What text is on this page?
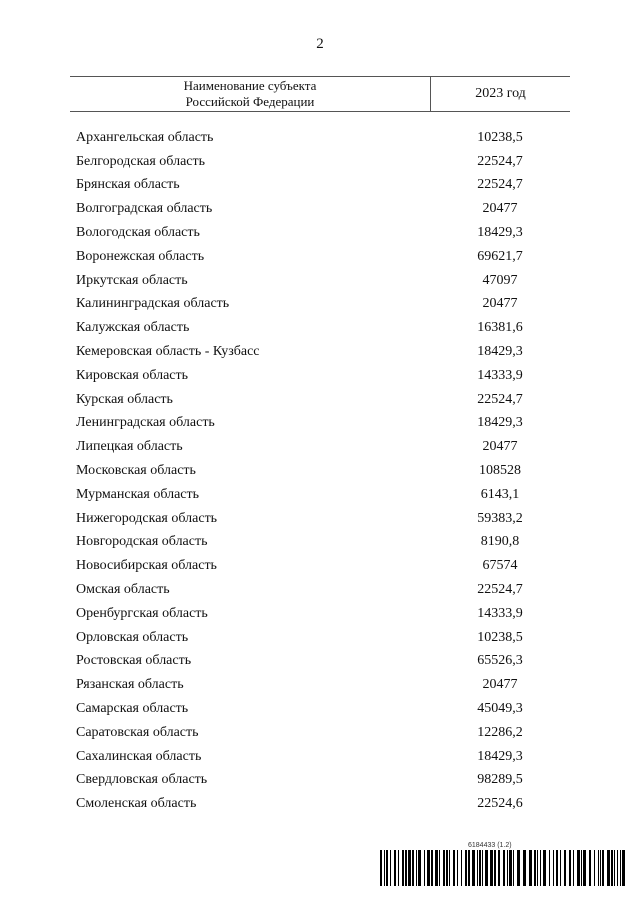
2
Наименование субъекта
Российской Федерации
2023 год
Архангельская область	10238,5
Белгородская область	22524,7
Брянская область	22524,7
Волгоградская область	20477
Вологодская область	18429,3
Воронежская область	69621,7
Иркутская область	47097
Калининградская область	20477
Калужская область	16381,6
Кемеровская область - Кузбасс	18429,3
Кировская область	14333,9
Курская область	22524,7
Ленинградская область	18429,3
Липецкая область	20477
Московская область	108528
Мурманская область	6143,1
Нижегородская область	59383,2
Новгородская область	8190,8
Новосибирская область	67574
Омская область	22524,7
Оренбургская область	14333,9
Орловская область	10238,5
Ростовская область	65526,3
Рязанская область	20477
Самарская область	45049,3
Саратовская область	12286,2
Сахалинская область	18429,3
Свердловская область	98289,5
Смоленская область	22524,6
6184433 (1.2)
